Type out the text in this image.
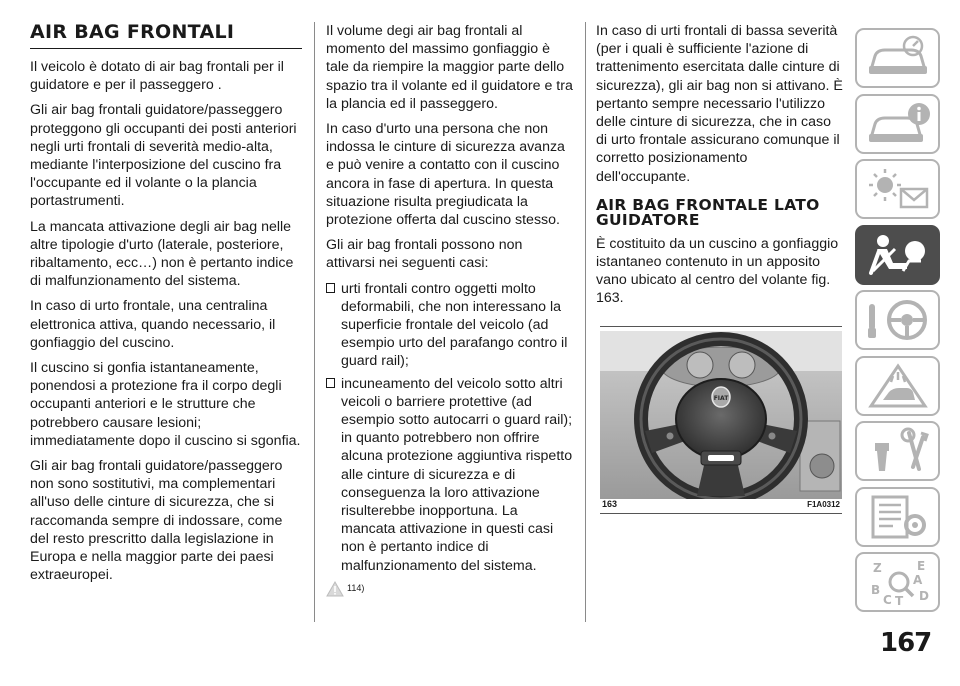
AIR BAG FRONTALI

Il veicolo è dotato di air bag frontali per il guidatore e per il passeggero .

Gli air bag frontali guidatore/passeggero proteggono gli occupanti dei posti anteriori negli urti frontali di severità medio-alta, mediante l'interposizione del cuscino fra l'occupante ed il volante o la plancia portastrumenti.

La mancata attivazione degli air bag nelle altre tipologie d'urto (laterale, posteriore, ribaltamento, ecc…) non è pertanto indice di malfunzionamento del sistema.

In caso di urto frontale, una centralina elettronica attiva, quando necessario, il gonfiaggio del cuscino.

Il cuscino si gonfia istantaneamente, ponendosi a protezione fra il corpo degli occupanti anteriori e le strutture che potrebbero causare lesioni; immediatamente dopo il cuscino si sgonfia.

Gli air bag frontali guidatore/passeggero non sono sostitutivi, ma complementari all'uso delle cinture di sicurezza, che si raccomanda sempre di indossare, come del resto prescritto dalla legislazione in Europa e nella maggior parte dei paesi extraeuropei.

Il volume degi air bag frontali al momento del massimo gonfiaggio è tale da riempire la maggior parte dello spazio tra il volante ed il guidatore e tra la plancia ed il passeggero.

In caso d'urto una persona che non indossa le cinture di sicurezza avanza e può venire a contatto con il cuscino ancora in fase di apertura. In questa situazione risulta pregiudicata la protezione offerta dal cuscino stesso.

Gli air bag frontali possono non attivarsi nei seguenti casi:

urti frontali contro oggetti molto deformabili, che non interessano la superficie frontale del veicolo (ad esempio urto del parafango contro il guard rail);
incuneamento del veicolo sotto altri veicoli o barriere protettive (ad esempio sotto autocarri o guard rail); in quanto potrebbero non offrire alcuna protezione aggiuntiva rispetto alle cinture di sicurezza e di conseguenza la loro attivazione risulterebbe inopportuna. La mancata attivazione in questi casi non è pertanto indice di malfunzionamento del sistema.
114)

In caso di urti frontali di bassa severità (per i quali è sufficiente l'azione di trattenimento esercitata dalle cinture di sicurezza), gli air bag non si attivano. È pertanto sempre necessario l'utilizzo delle cinture di sicurezza, che in caso di urto frontale assicurano comunque il corretto posizionamento dell'occupante.

AIR BAG FRONTALE LATO GUIDATORE

È costituito da un cuscino a gonfiaggio istantaneo contenuto in un apposito vano ubicato al centro del volante fig. 163.

FIAT
163	F1A0312
Z	E
A
B
C T D
167
